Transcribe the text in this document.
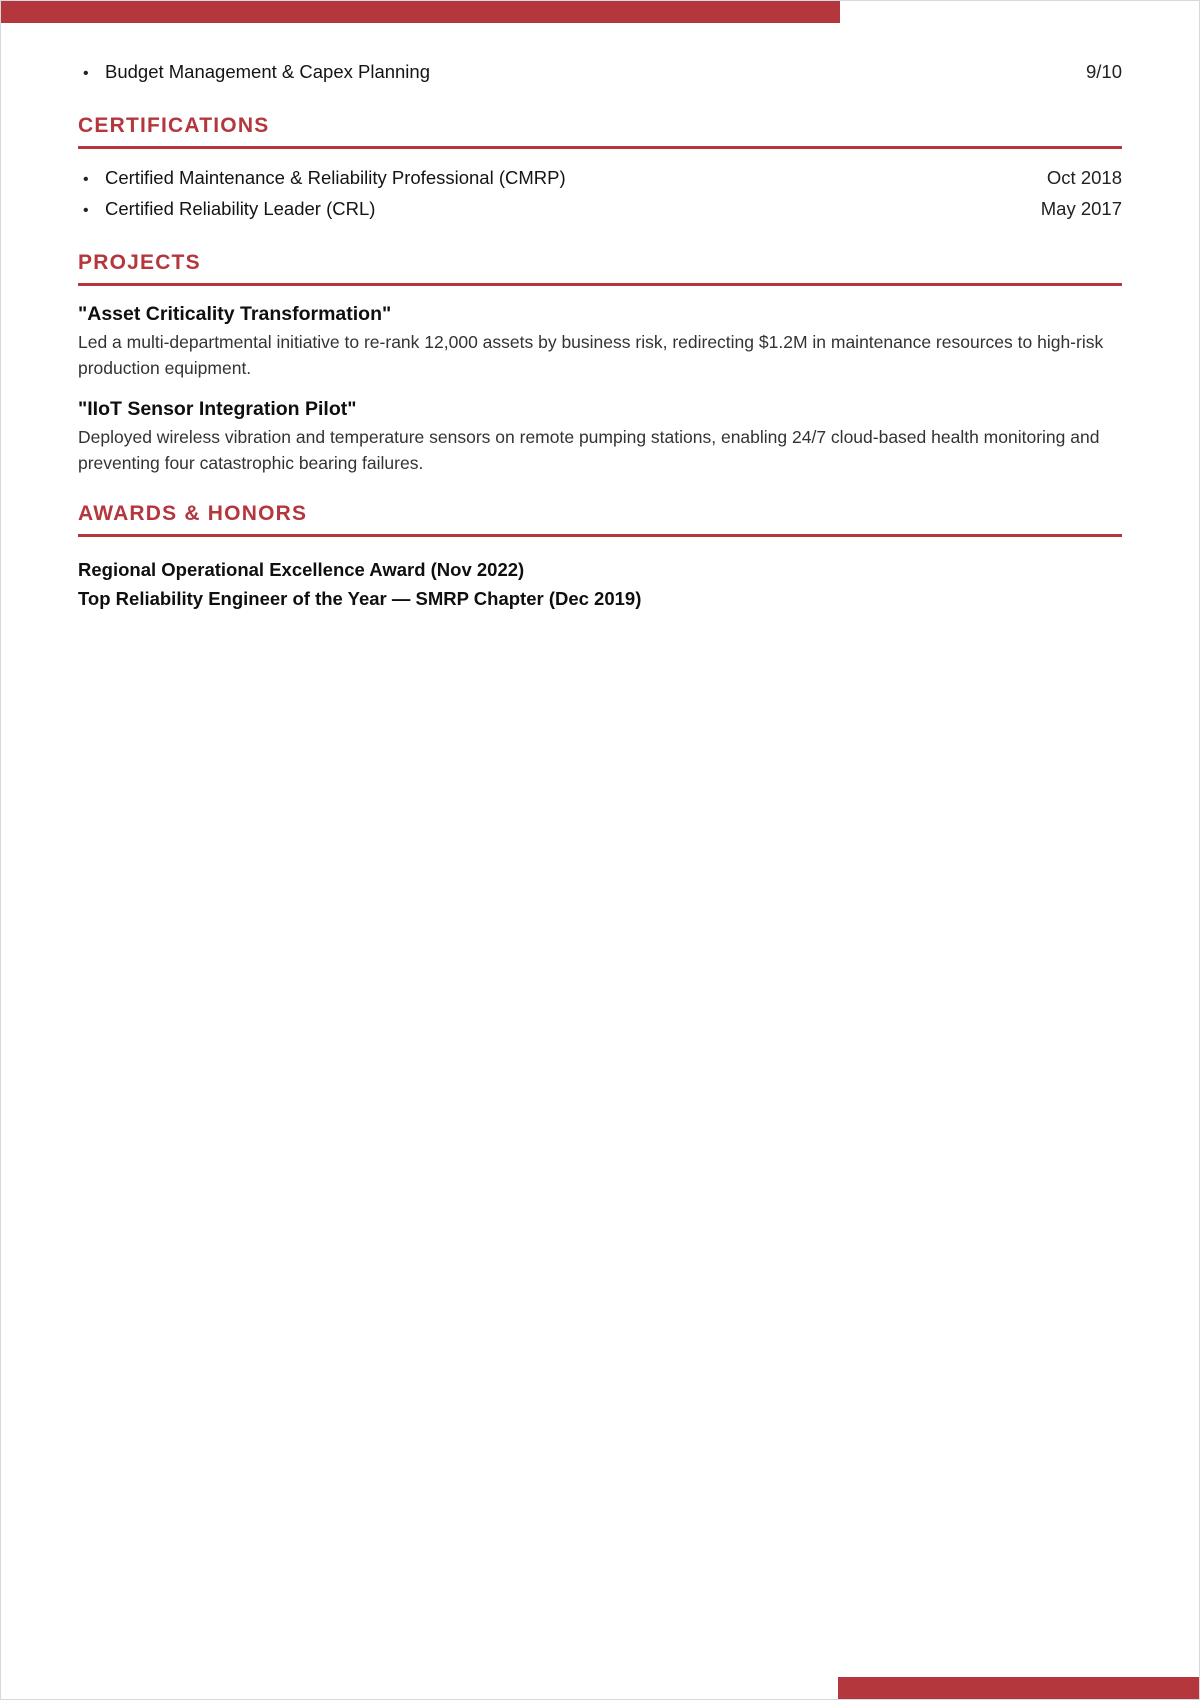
• Budget Management & Capex Planning	9/10
CERTIFICATIONS
• Certified Maintenance & Reliability Professional (CMRP)	Oct 2018
• Certified Reliability Leader (CRL)	May 2017
PROJECTS
"Asset Criticality Transformation"
Led a multi-departmental initiative to re-rank 12,000 assets by business risk, redirecting $1.2M in maintenance resources to high-risk production equipment.
"IIoT Sensor Integration Pilot"
Deployed wireless vibration and temperature sensors on remote pumping stations, enabling 24/7 cloud-based health monitoring and preventing four catastrophic bearing failures.
AWARDS & HONORS
Regional Operational Excellence Award (Nov 2022)
Top Reliability Engineer of the Year — SMRP Chapter (Dec 2019)
